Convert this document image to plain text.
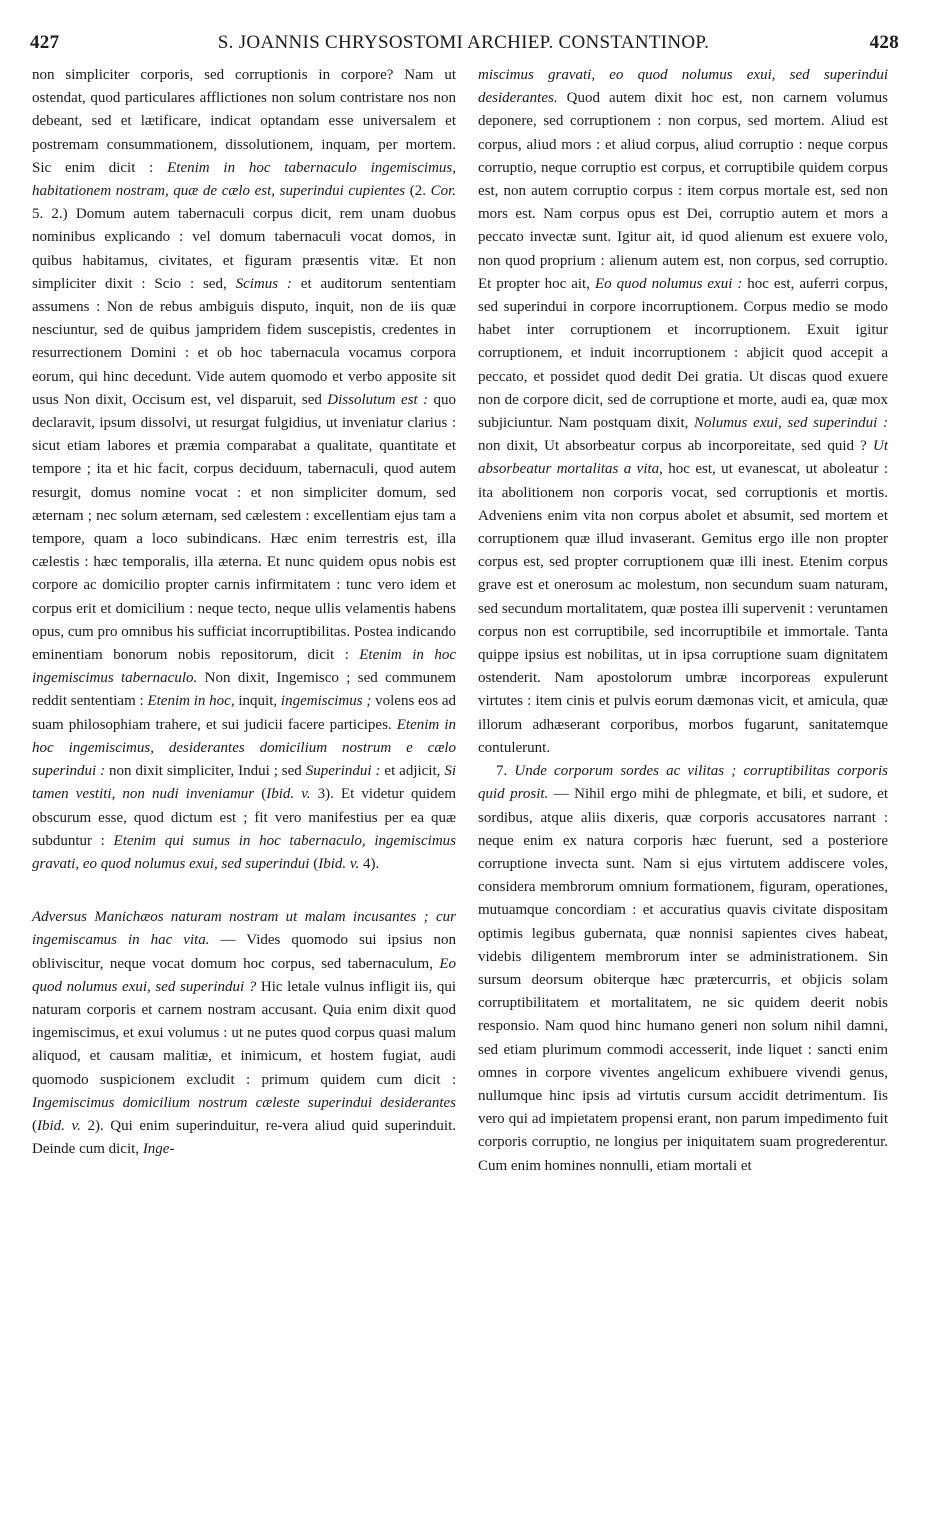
427	S. JOANNIS CHRYSOSTOMI ARCHIEP. CONSTANTINOP.	428

non simpliciter corporis, sed corruptionis in corpore? Nam ut ostendat, quod particulares afflictiones non solum contristare nos non debeant, sed et lætificare, indicat optandam esse universalem et postremam consummationem, dissolutionem, inquam, per mortem. Sic enim dicit : Etenim in hoc tabernaculo ingemiscimus, habitationem nostram, quæ de cælo est, superindui cupientes (2. Cor. 5. 2.) Domum autem tabernaculi corpus dicit, rem unam duobus nominibus explicando : vel domum tabernaculi vocat domos, in quibus habitamus, civitates, et figuram præsentis vitæ. Et non simpliciter dixit : Scio : sed, Scimus : et auditorum sententiam assumens : Non de rebus ambiguis disputo, inquit, non de iis quæ nesciuntur, sed de quibus jampridem fidem suscepistis, credentes in resurrectionem Domini : et ob hoc tabernacula vocamus corpora eorum, qui hinc decedunt. Vide autem quomodo et verbo apposite sit usus Non dixit, Occisum est, vel disparuit, sed Dissolutum est : quo declaravit, ipsum dissolvi, ut resurgat fulgidius, ut inveniatur clarius : sicut etiam labores et præmia comparabat a qualitate, quantitate et tempore ; ita et hic facit, corpus deciduum, tabernaculi, quod autem resurgit, domus nomine vocat : et non simpliciter domum, sed æternam ; nec solum æternam, sed cælestem : excellentiam ejus tam a tempore, quam a loco subindicans. Hæc enim terrestris est, illa cælestis : hæc temporalis, illa æterna. Et nunc quidem opus nobis est corpore ac domicilio propter carnis infirmitatem : tunc vero idem et corpus erit et domicilium : neque tecto, neque ullis velamentis habens opus, cum pro omnibus his sufficiat incorruptibilitas. Postea indicando eminentiam bonorum nobis repositorum, dicit : Etenim in hoc ingemiscimus tabernaculo. Non dixit, Ingemisco ; sed communem reddit sententiam : Etenim in hoc, inquit, ingemiscimus ; volens eos ad suam philosophiam trahere, et sui judicii facere participes. Etenim in hoc ingemiscimus, desiderantes domicilium nostrum e cælo superindui : non dixit simpliciter, Indui ; sed Superindui : et adjicit, Si tamen vestiti, non nudi inveniamur (Ibid. v. 3). Et videtur quidem obscurum esse, quod dictum est ; fit vero manifestius per ea quæ subduntur : Etenim qui sumus in hoc tabernaculo, ingemiscimus gravati, eo quod nolumus exui, sed superindui (Ibid. v. 4).

Adversus Manichæos naturam nostram ut malam incusantes ; cur ingemiscamus in hac vita. — Vides quomodo sui ipsius non obliviscitur, neque vocat domum hoc corpus, sed tabernaculum, Eo quod nolumus exui, sed superindui ? Hic letale vulnus infligit iis, qui naturam corporis et carnem nostram accusant. Quia enim dixit quod ingemiscimus, et exui volumus : ut ne putes quod corpus quasi malum aliquod, et causam malitiæ, et inimicum, et hostem fugiat, audi quomodo suspicionem excludit : primum quidem cum dicit : Ingemiscimus domicilium nostrum cæleste superindui desiderantes (Ibid. v. 2). Qui enim superinduitur, re-vera aliud quid superinduit. Deinde cum dicit, Inge-

miscimus gravati, eo quod nolumus exui, sed superindui desiderantes. Quod autem dixit hoc est, non carnem volumus deponere, sed corruptionem : non corpus, sed mortem. Aliud est corpus, aliud mors : et aliud corpus, aliud corruptio : neque corpus corruptio, neque corruptio est corpus, et corruptibile quidem corpus est, non autem corruptio corpus : item corpus mortale est, sed non mors est. Nam corpus opus est Dei, corruptio autem et mors a peccato invectæ sunt. Igitur ait, id quod alienum est exuere volo, non quod proprium : alienum autem est, non corpus, sed corruptio. Et propter hoc ait, Eo quod nolumus exui : hoc est, auferri corpus, sed superindui in corpore incorruptionem. Corpus medio se modo habet inter corruptionem et incorruptionem. Exuit igitur corruptionem, et induit incorruptionem : abjicit quod accepit a peccato, et possidet quod dedit Dei gratia. Ut discas quod exuere non de corpore dicit, sed de corruptione et morte, audi ea, quæ mox subjiciuntur. Nam postquam dixit, Nolumus exui, sed superindui : non dixit, Ut absorbeatur corpus ab incorporeitate, sed quid ? Ut absorbeatur mortalitas a vita, hoc est, ut evanescat, ut aboleatur : ita abolitionem non corporis vocat, sed corruptionis et mortis. Adveniens enim vita non corpus abolet et absumit, sed mortem et corruptionem quæ illud invaserant. Gemitus ergo ille non propter corpus est, sed propter corruptionem quæ illi inest. Etenim corpus grave est et onerosum ac molestum, non secundum suam naturam, sed secundum mortalitatem, quæ postea illi supervenit : veruntamen corpus non est corruptibile, sed incorruptibile et immortale. Tanta quippe ipsius est nobilitas, ut in ipsa corruptione suam dignitatem ostenderit. Nam apostolorum umbræ incorporeas expulerunt virtutes : item cinis et pulvis eorum dæmonas vicit, et amicula, quæ illorum adhæserant corporibus, morbos fugarunt, sanitatemque contulerunt.

7. Unde corporum sordes ac vilitas ; corruptibilitas corporis quid prosit. — Nihil ergo mihi de phlegmate, et bili, et sudore, et sordibus, atque aliis dixeris, quæ corporis accusatores narrant : neque enim ex natura corporis hæc fuerunt, sed a posteriore corruptione invecta sunt. Nam si ejus virtutem addiscere voles, considera membrorum omnium formationem, figuram, operationes, mutuamque concordiam : et accuratius quavis civitate dispositam optimis legibus gubernata, quæ nonnisi sapientes cives habeat, videbis diligentem membrorum inter se administrationem. Sin sursum deorsum obiterque hæc prætercurris, et objicis solam corruptibilitatem et mortalitatem, ne sic quidem deerit nobis responsio. Nam quod hinc humano generi non solum nihil damni, sed etiam plurimum commodi accesserit, inde liquet : sancti enim omnes in corpore viventes angelicum exhibuere vivendi genus, nullumque hinc ipsis ad virtutis cursum accidit detrimentum. Iis vero qui ad impietatem propensi erant, non parum impedimento fuit corporis corruptio, ne longius per iniquitatem suam progrederentur. Cum enim homines nonnulli, etiam mortali et
